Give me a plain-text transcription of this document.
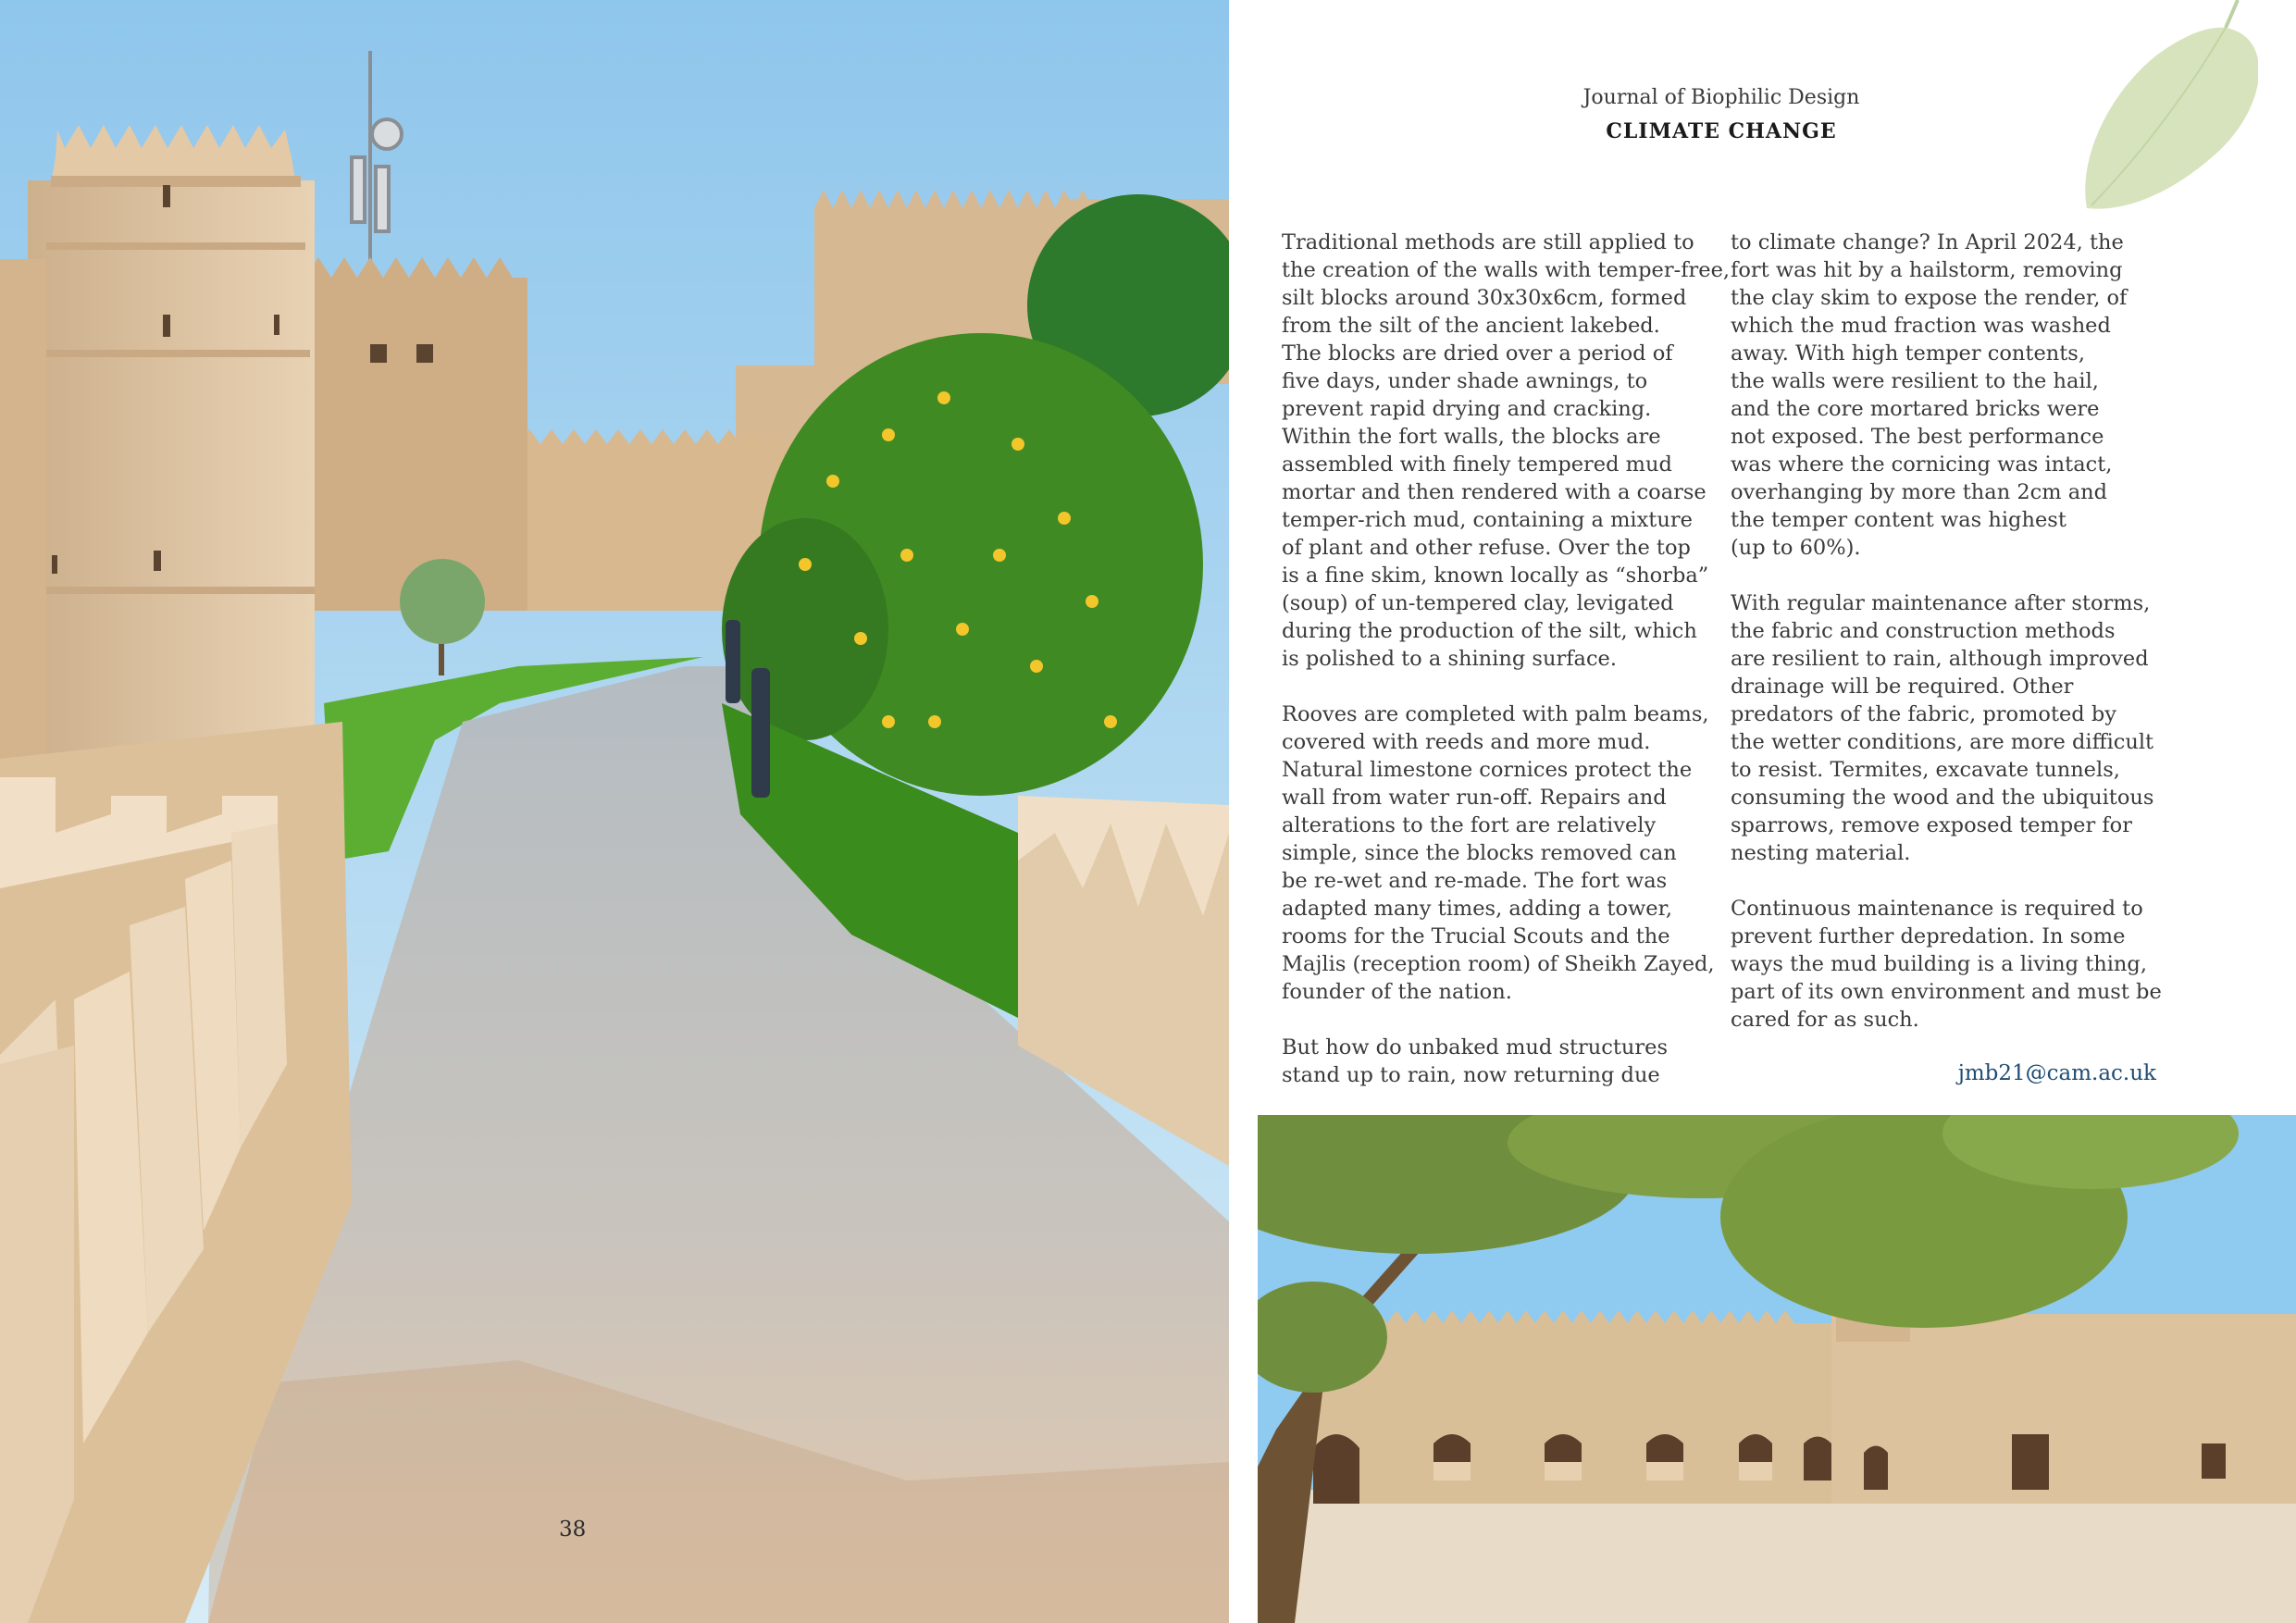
38
Journal of Biophilic Design
CLIMATE CHANGE

Traditional methods are still applied to
the creation of the walls with temper-free,
silt blocks around 30x30x6cm, formed
from the silt of the ancient lakebed.
The blocks are dried over a period of
five days, under shade awnings, to
prevent rapid drying and cracking.
Within the fort walls, the blocks are
assembled with finely tempered mud
mortar and then rendered with a coarse
temper-rich mud, containing a mixture
of plant and other refuse. Over the top
is a fine skim, known locally as “shorba”
(soup) of un-tempered clay, levigated
during the production of the silt, which
is polished to a shining surface.

Rooves are completed with palm beams,
covered with reeds and more mud.
Natural limestone cornices protect the
wall from water run-off. Repairs and
alterations to the fort are relatively
simple, since the blocks removed can
be re-wet and re-made. The fort was
adapted many times, adding a tower,
rooms for the Trucial Scouts and the
Majlis (reception room) of Sheikh Zayed,
founder of the nation.

But how do unbaked mud structures
stand up to rain, now returning due

to climate change? In April 2024, the
fort was hit by a hailstorm, removing
the clay skim to expose the render, of
which the mud fraction was washed
away. With high temper contents,
the walls were resilient to the hail,
and the core mortared bricks were
not exposed. The best performance
was where the cornicing was intact,
overhanging by more than 2cm and
the temper content was highest
(up to 60%).

With regular maintenance after storms,
the fabric and construction methods
are resilient to rain, although improved
drainage will be required. Other
predators of the fabric, promoted by
the wetter conditions, are more difficult
to resist. Termites, excavate tunnels,
consuming the wood and the ubiquitous
sparrows, remove exposed temper for
nesting material.

Continuous maintenance is required to
prevent further depredation. In some
ways the mud building is a living thing,
part of its own environment and must be
cared for as such.

jmb21@cam.ac.uk
